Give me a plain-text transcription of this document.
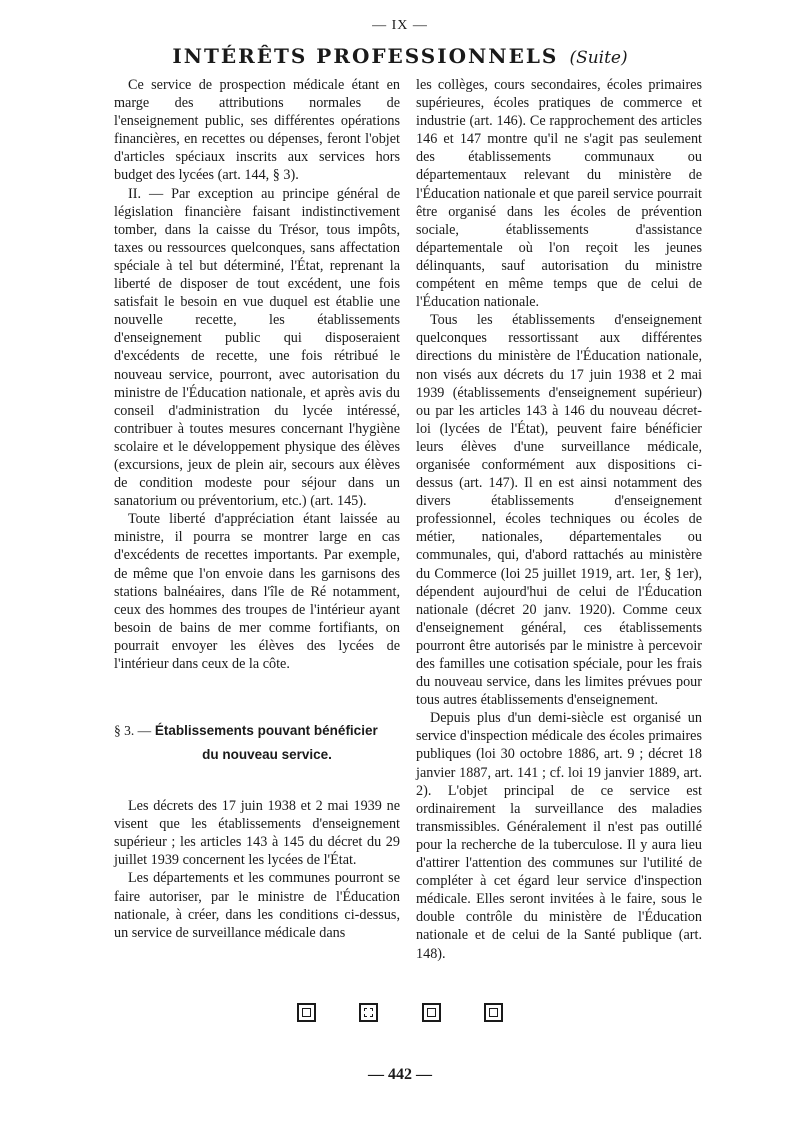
— IX —
INTÉRÊTS PROFESSIONNELS (Suite)

Ce service de prospection médicale étant en marge des attributions normales de l'enseignement public, ses différentes opérations financières, en recettes ou dépenses, feront l'objet d'articles spéciaux inscrits aux services hors budget des lycées (art. 144, § 3).

II. — Par exception au principe général de législation financière faisant indistinctivement tomber, dans la caisse du Trésor, tous impôts, taxes ou ressources quelconques, sans affectation spéciale à tel but déterminé, l'État, reprenant la liberté de disposer de tout excédent, une fois satisfait le besoin en vue duquel est établie une nouvelle recette, les établissements d'enseignement public qui disposeraient d'excédents de recette, une fois rétribué le nouveau service, pourront, avec autorisation du ministre de l'Éducation nationale, et après avis du conseil d'administration du lycée intéressé, contribuer à toutes mesures concernant l'hygiène scolaire et le développement physique des élèves (excursions, jeux de plein air, secours aux élèves de condition modeste pour séjour dans un sanatorium ou préventorium, etc.) (art. 145).

Toute liberté d'appréciation étant laissée au ministre, il pourra se montrer large en cas d'excédents de recettes importants. Par exemple, de même que l'on envoie dans les garnisons des stations balnéaires, dans l'île de Ré notamment, ceux des hommes des troupes de l'intérieur ayant besoin de bains de mer comme fortifiants, on pourrait envoyer les élèves des lycées de l'intérieur dans ceux de la côte.

§ 3. — Établissements pouvant bénéficier
du nouveau service.

Les décrets des 17 juin 1938 et 2 mai 1939 ne visent que les établissements d'enseignement supérieur ; les articles 143 à 145 du décret du 29 juillet 1939 concernent les lycées de l'État.

Les départements et les communes pourront se faire autoriser, par le ministre de l'Éducation nationale, à créer, dans les conditions ci-dessus, un service de surveillance médicale dans

les collèges, cours secondaires, écoles primaires supérieures, écoles pratiques de commerce et industrie (art. 146). Ce rapprochement des articles 146 et 147 montre qu'il ne s'agit pas seulement des établissements communaux ou départementaux relevant du ministère de l'Éducation nationale et que pareil service pourrait être organisé dans les écoles de prévention sociale, établissements d'assistance départementale où l'on reçoit les jeunes délinquants, sauf autorisation du ministre compétent en même temps que de celui de l'Éducation nationale.

Tous les établissements d'enseignement quelconques ressortissant aux différentes directions du ministère de l'Éducation nationale, non visés aux décrets du 17 juin 1938 et 2 mai 1939 (établissements d'enseignement supérieur) ou par les articles 143 à 146 du nouveau décret-loi (lycées de l'État), peuvent faire bénéficier leurs élèves d'une surveillance médicale, organisée conformément aux dispositions ci-dessus (art. 147). Il en est ainsi notamment des divers établissements d'enseignement professionnel, écoles techniques ou écoles de métier, nationales, départementales ou communales, qui, d'abord rattachés au ministère du Commerce (loi 25 juillet 1919, art. 1er, § 1er), dépendent aujourd'hui de celui de l'Éducation nationale (décret 20 janv. 1920). Comme ceux d'enseignement général, ces établissements pourront être autorisés par le ministre à percevoir des familles une cotisation spéciale, pour les frais du nouveau service, dans les limites prévues pour tous autres établissements d'enseignement.

Depuis plus d'un demi-siècle est organisé un service d'inspection médicale des écoles primaires publiques (loi 30 octobre 1886, art. 9 ; décret 18 janvier 1887, art. 141 ; cf. loi 19 janvier 1889, art. 2). L'objet principal de ce service est ordinairement la surveillance des maladies transmissibles. Généralement il n'est pas outillé pour la recherche de la tuberculose. Il y aura lieu d'attirer l'attention des communes sur l'utilité de compléter à cet égard leur service d'inspection médicale. Elles seront invitées à le faire, sous le double contrôle du ministère de l'Éducation nationale et de celui de la Santé publique (art. 148).

— 442 —
